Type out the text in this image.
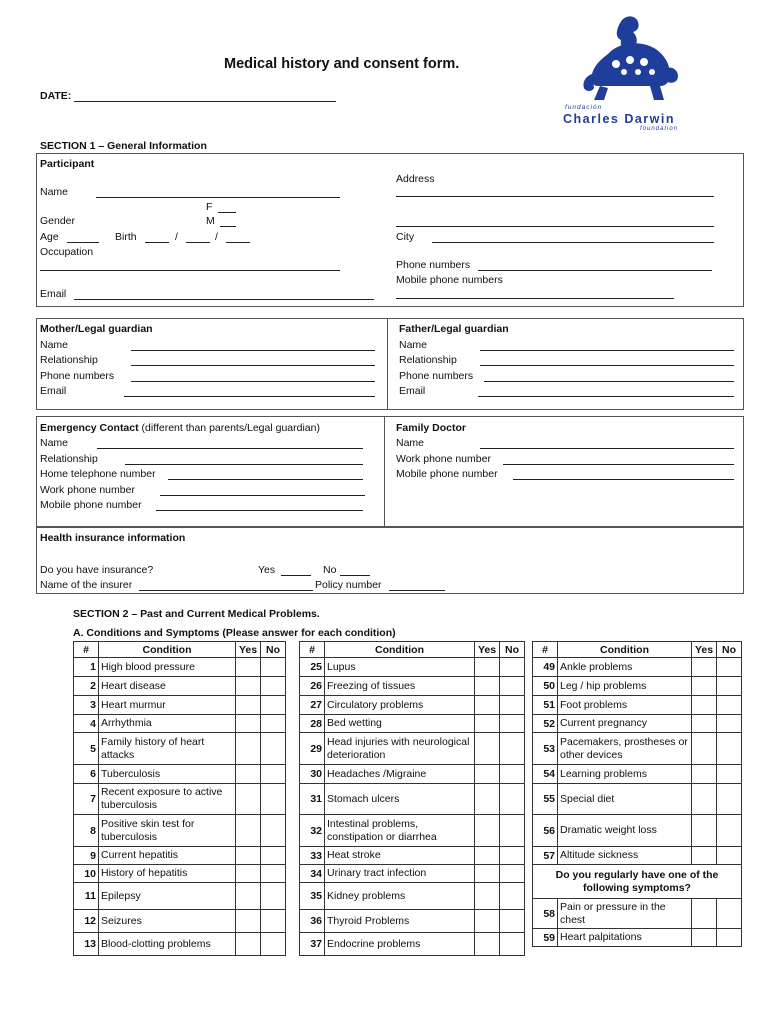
Medical history and consent form.
DATE:
fundación
Charles Darwin
foundation
SECTION 1 – General Information
Participant
Name
F
Gender	M
Age	Birth	/	/
Occupation
Email
Address
City
Phone numbers
Mobile phone numbers
Mother/Legal guardian
Name
Relationship
Phone numbers
Email
Father/Legal guardian
Name
Relationship
Phone numbers
Email
Emergency Contact (different than parents/Legal guardian)
Name
Relationship
Home telephone number
Work phone number
Mobile phone number
Family Doctor
Name
Work phone number
Mobile phone number
Health insurance information
Do you have insurance?	Yes	No
Name of the insurer	Policy number
SECTION 2 – Past and Current Medical Problems.
A. Conditions and Symptoms (Please answer for each condition)
#	Condition	Yes	No
1	High blood pressure		
2	Heart disease		
3	Heart murmur		
4	Arrhythmia		
5	Family history of heart attacks		
6	Tuberculosis		
7	Recent exposure to active tuberculosis		
8	Positive skin test for tuberculosis		
9	Current hepatitis		
10	History of hepatitis		
11	Epilepsy		
12	Seizures		
13	Blood-clotting problems		
#	Condition	Yes	No
25	Lupus		
26	Freezing of tissues		
27	Circulatory problems		
28	Bed wetting		
29	Head injuries with neurological deterioration		
30	Headaches /Migraine		
31	Stomach ulcers		
32	Intestinal problems, constipation or diarrhea		
33	Heat stroke		
34	Urinary tract infection		
35	Kidney problems		
36	Thyroid Problems		
37	Endocrine problems		
#	Condition	Yes	No
49	Ankle problems		
50	Leg / hip problems		
51	Foot problems		
52	Current pregnancy		
53	Pacemakers, prostheses or other devices		
54	Learning problems		
55	Special diet		
56	Dramatic weight loss		
57	Altitude sickness		
Do you regularly have one of the following symptoms?			
58	Pain or pressure in the chest		
59	Heart palpitations		
